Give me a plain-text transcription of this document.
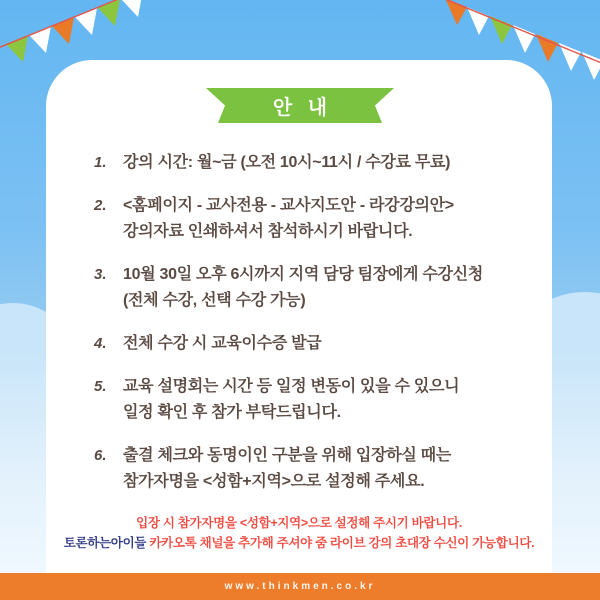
안 내
1.	강의 시간: 월~금 (오전 10시~11시 / 수강료 무료)
2.	<홈페이지 - 교사전용 - 교사지도안 - 라강강의안>
강의자료 인쇄하셔서 참석하시기 바랍니다.
3.	10월 30일 오후 6시까지 지역 담당 팀장에게 수강신청
(전체 수강, 선택 수강 가능)
4.	전체 수강 시 교육이수증 발급
5.	교육 설명회는 시간 등 일정 변동이 있을 수 있으니
일정 확인 후 참가 부탁드립니다.
6.	출결 체크와 동명이인 구분을 위해 입장하실 때는
참가자명을 <성함+지역>으로 설정해 주세요.
입장 시 참가자명을 <성함+지역>으로 설정해 주시기 바랍니다.
토론하는아이들 카카오톡 채널을 추가해 주셔야 줌 라이브 강의 초대장 수신이 가능합니다.
www.thinkmen.co.kr
